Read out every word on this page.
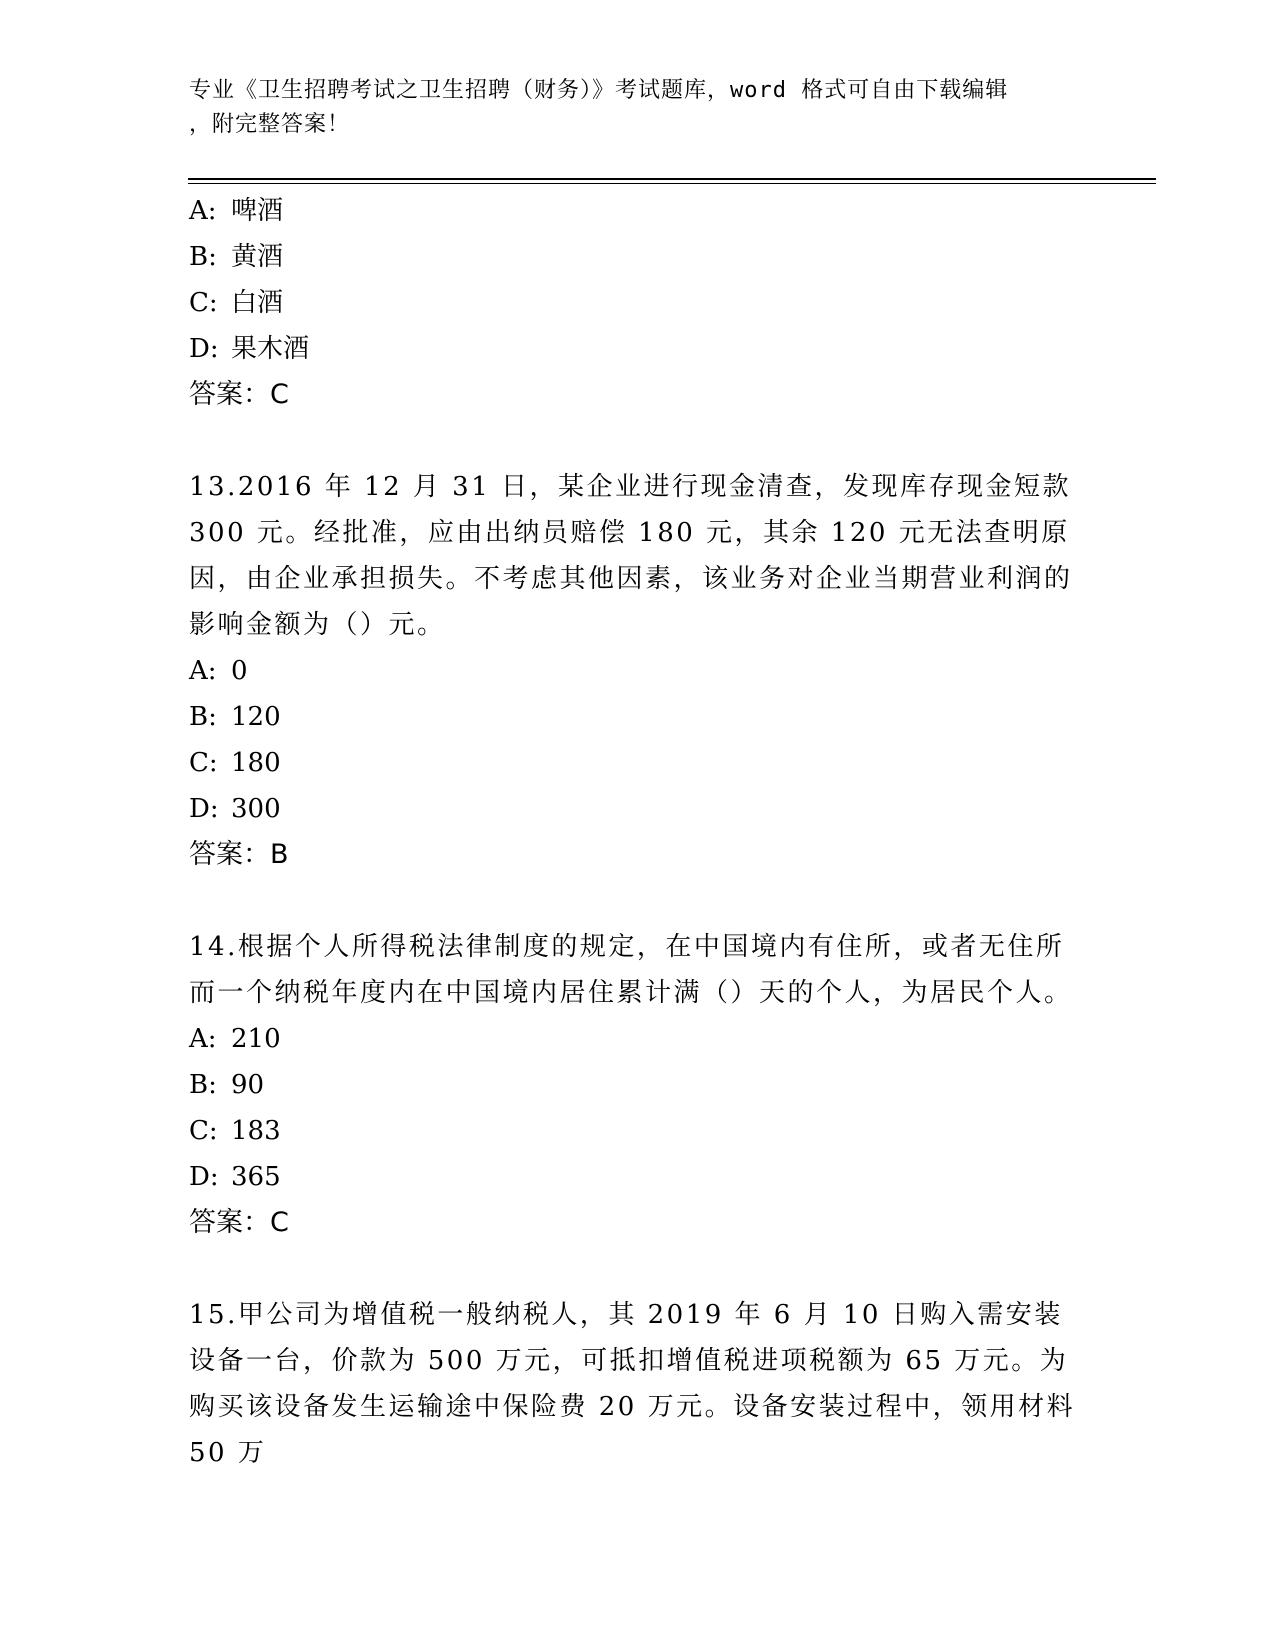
专业《卫生招聘考试之卫生招聘（财务）》考试题库，word 格式可自由下载编辑
，附完整答案！
A: 啤酒
B: 黄酒
C: 白酒
D: 果木酒
答案：C
13.2016 年 12 月 31 日，某企业进行现金清查，发现库存现金短款 300 元。经批准，应由出纳员赔偿 180 元，其余 120 元无法查明原因，由企业承担损失。不考虑其他因素，该业务对企业当期营业利润的影响金额为（）元。
A: 0
B: 120
C: 180
D: 300
答案：B
14.根据个人所得税法律制度的规定，在中国境内有住所，或者无住所而一个纳税年度内在中国境内居住累计满（）天的个人，为居民个人。
A: 210
B: 90
C: 183
D: 365
答案：C
15.甲公司为增值税一般纳税人，其 2019 年 6 月 10 日购入需安装设备一台，价款为 500 万元，可抵扣增值税进项税额为 65 万元。为购买该设备发生运输途中保险费 20 万元。设备安装过程中，领用材料 50 万
